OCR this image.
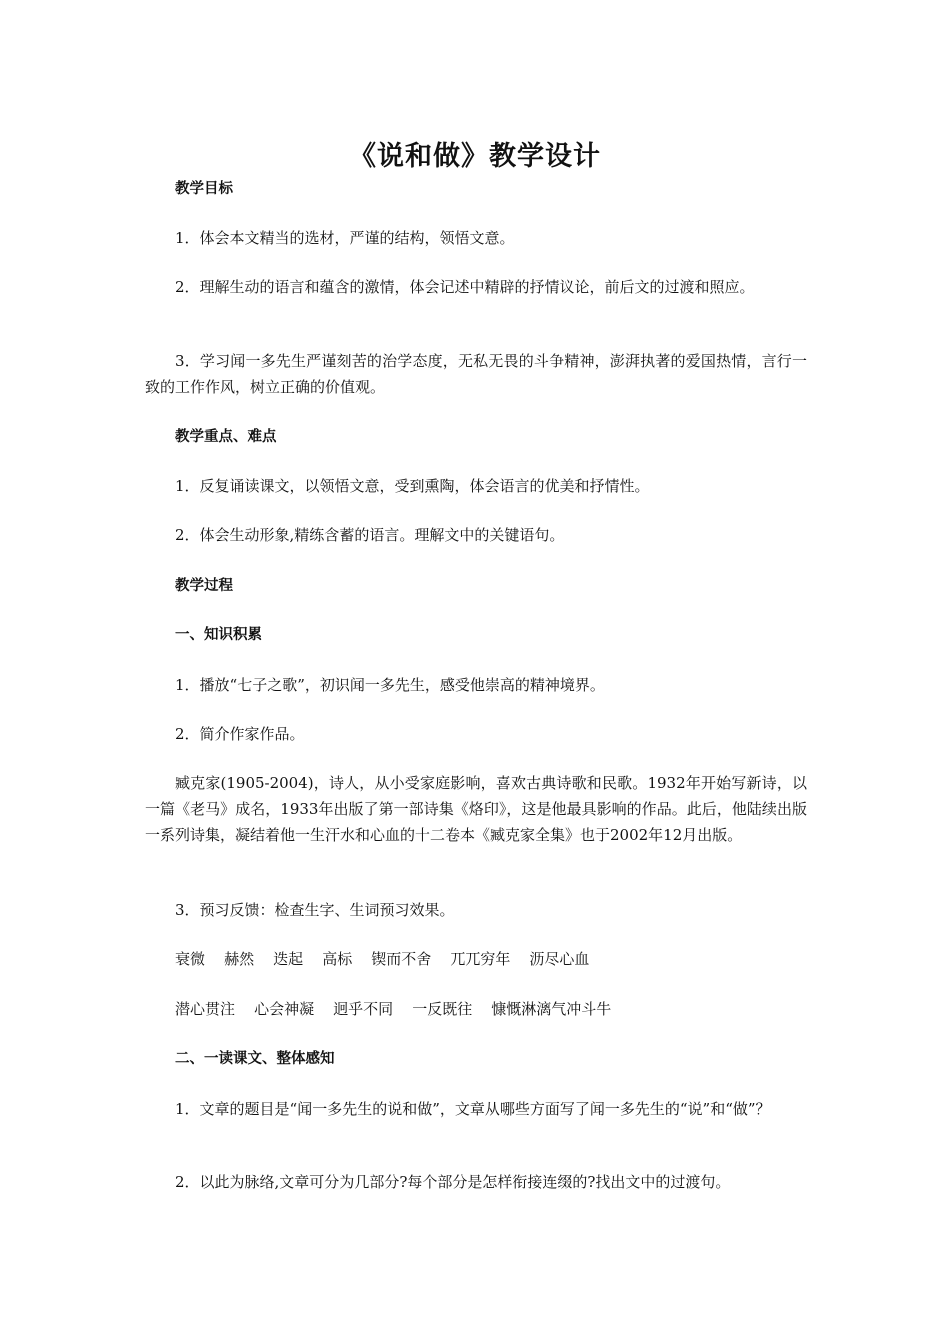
《说和做》教学设计

教学目标

1．体会本文精当的选材，严谨的结构，领悟文意。

2．理解生动的语言和蕴含的激情，体会记述中精辟的抒情议论，前后文的过渡和照应。

3．学习闻一多先生严谨刻苦的治学态度，无私无畏的斗争精神，澎湃执著的爱国热情，言行一致的工作作风，树立正确的价值观。

教学重点、难点

1．反复诵读课文，以领悟文意，受到熏陶，体会语言的优美和抒情性。

2．体会生动形象,精练含蓄的语言。理解文中的关键语句。

教学过程

一、知识积累

1．播放“七子之歌”，初识闻一多先生，感受他崇高的精神境界。

2．简介作家作品。

臧克家(1905-2004)，诗人，从小受家庭影响，喜欢古典诗歌和民歌。1932年开始写新诗，以一篇《老马》成名，1933年出版了第一部诗集《烙印》，这是他最具影响的作品。此后，他陆续出版一系列诗集，凝结着他一生汗水和心血的十二卷本《臧克家全集》也于2002年12月出版。

3．预习反馈：检查生字、生词预习效果。

衰微    赫然    迭起    高标    锲而不舍    兀兀穷年    沥尽心血

潜心贯注    心会神凝    迥乎不同    一反既往    慷慨淋漓气冲斗牛

二、一读课文、整体感知

1．文章的题目是“闻一多先生的说和做”，文章从哪些方面写了闻一多先生的“说”和“做”？

2．以此为脉络,文章可分为几部分?每个部分是怎样衔接连缀的?找出文中的过渡句。
